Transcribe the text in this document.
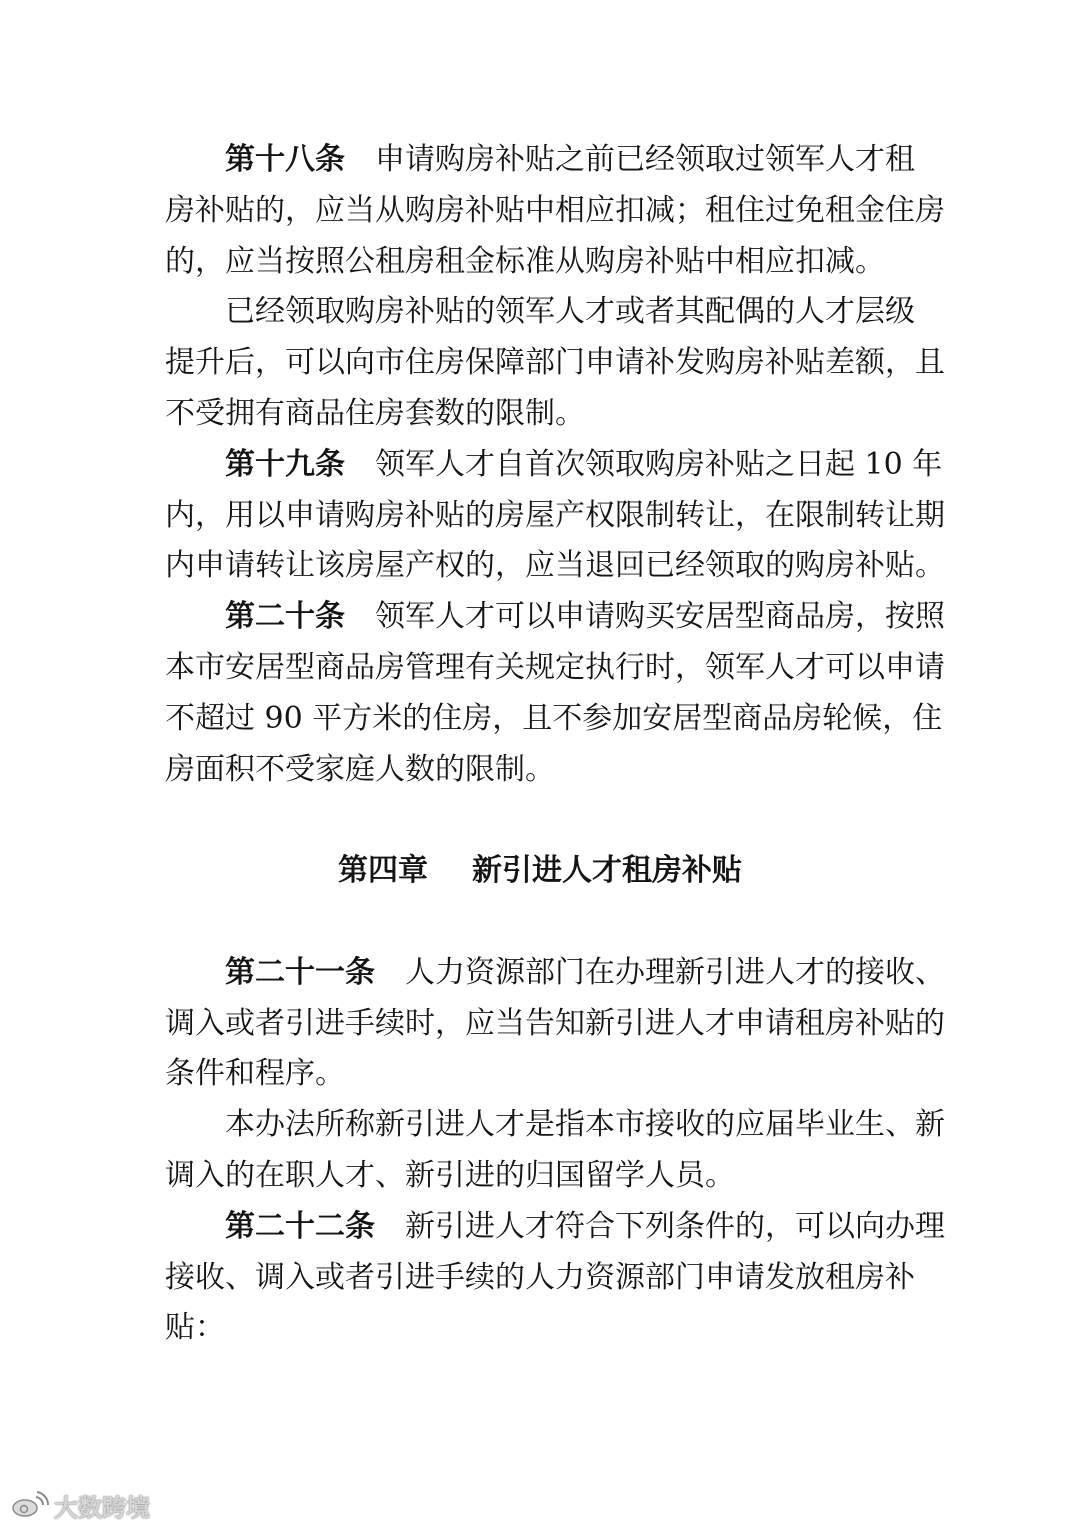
第十八条 申请购房补贴之前已经领取过领军人才租
房补贴的，应当从购房补贴中相应扣减；租住过免租金住房
的，应当按照公租房租金标准从购房补贴中相应扣减。
已经领取购房补贴的领军人才或者其配偶的人才层级
提升后，可以向市住房保障部门申请补发购房补贴差额，且
不受拥有商品住房套数的限制。
第十九条 领军人才自首次领取购房补贴之日起 10 年
内，用以申请购房补贴的房屋产权限制转让，在限制转让期
内申请转让该房屋产权的，应当退回已经领取的购房补贴。
第二十条 领军人才可以申请购买安居型商品房，按照
本市安居型商品房管理有关规定执行时，领军人才可以申请
不超过 90 平方米的住房，且不参加安居型商品房轮候，住
房面积不受家庭人数的限制。
第四章 新引进人才租房补贴
第二十一条 人力资源部门在办理新引进人才的接收、
调入或者引进手续时，应当告知新引进人才申请租房补贴的
条件和程序。
本办法所称新引进人才是指本市接收的应届毕业生、新
调入的在职人才、新引进的归国留学人员。
第二十二条 新引进人才符合下列条件的，可以向办理
接收、调入或者引进手续的人力资源部门申请发放租房补
贴：
大数跨境
